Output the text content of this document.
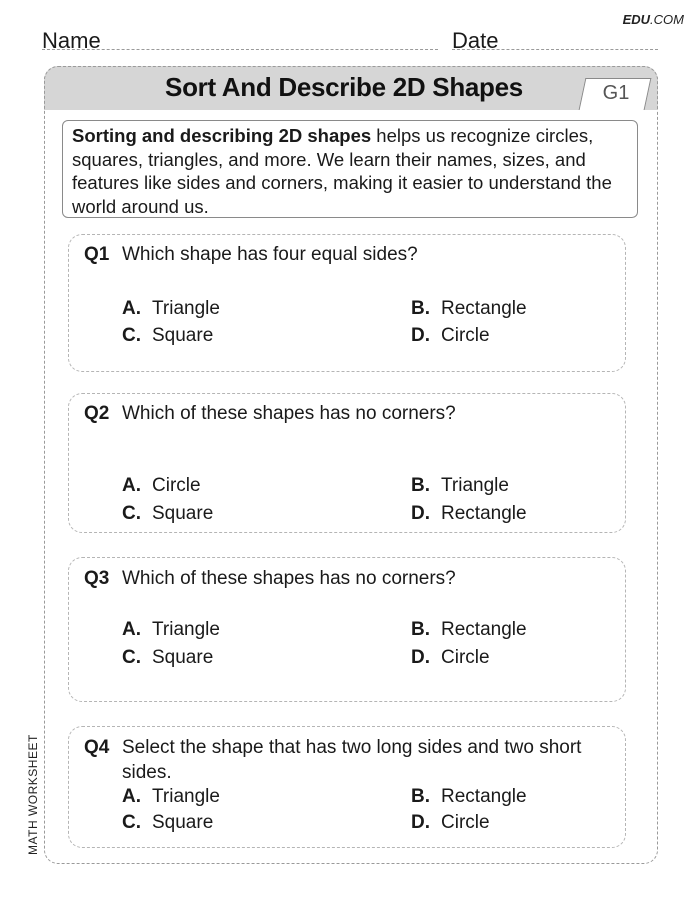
EDU.COM
Name	Date
Sort And Describe 2D Shapes	G1
Sorting and describing 2D shapes helps us recognize circles, squares, triangles, and more. We learn their names, sizes, and features like sides and corners, making it easier to understand the world around us.
Q1 Which shape has four equal sides?
A. Triangle	B. Rectangle
C. Square	D. Circle
Q2 Which of these shapes has no corners?
A. Circle	B. Triangle
C. Square	D. Rectangle
Q3 Which of these shapes has no corners?
A. Triangle	B. Rectangle
C. Square	D. Circle
Q4 Select the shape that has two long sides and two short sides.
A. Triangle	B. Rectangle
C. Square	D. Circle
MATH WORKSHEET
